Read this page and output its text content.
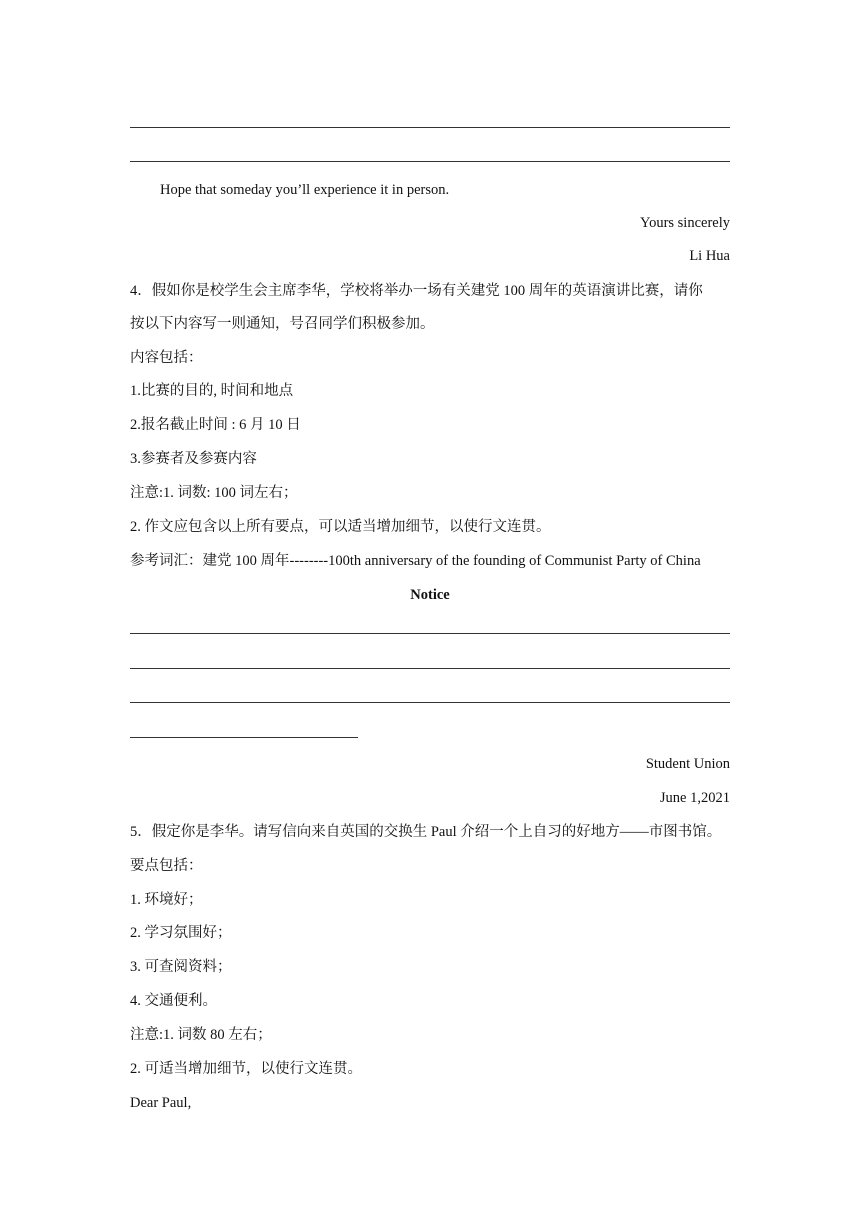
Hope that someday you’ll experience it in person.
Yours sincerely
Li Hua
4．假如你是校学生会主席李华，学校将举办一场有关建党 100 周年的英语演讲比赛，请你
按以下内容写一则通知，号召同学们积极参加。
内容包括：
1.比赛的目的, 时间和地点
2.报名截止时间 : 6 月 10 日
3.参赛者及参赛内容
注意:1. 词数: 100 词左右；
2. 作文应包含以上所有要点，可以适当增加细节，以使行文连贯。
参考词汇：建党 100 周年--------100th anniversary of the founding of Communist Party of China
Notice
Student Union
June 1,2021
5．假定你是李华。请写信向来自英国的交换生 Paul 介绍一个上自习的好地方——市图书馆。
要点包括：
1. 环境好；
2. 学习氛围好；
3. 可查阅资料；
4. 交通便利。
注意:1. 词数 80 左右；
2. 可适当增加细节，以使行文连贯。
Dear Paul,
